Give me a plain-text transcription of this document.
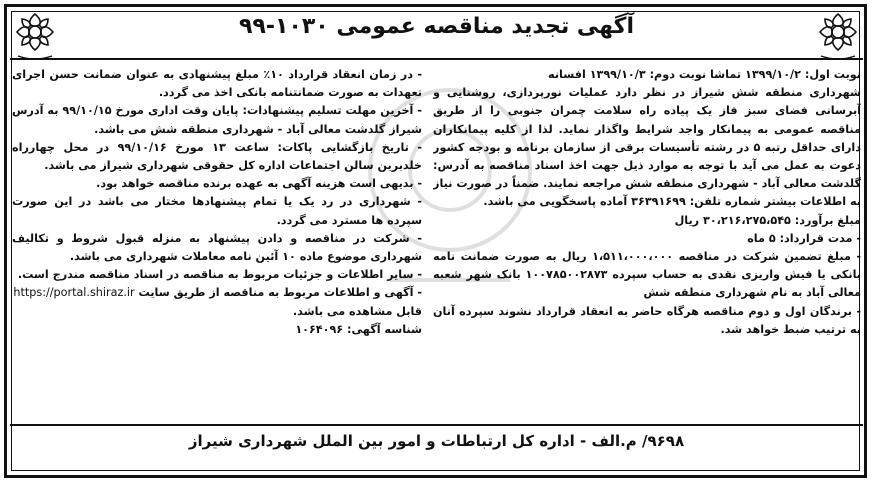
آگهی تجدید مناقصه عمومی ۱۰۳۰-۹۹

نوبت اول: ۱۳۹۹/۱۰/۲ تماشا نوبت دوم: ۱۳۹۹/۱۰/۳ افسانه

شهرداری منطقه شش شیراز در نظر دارد عملیات نورپردازی، روشنایی و آبرسانی فضای سبز فاز یک پیاده راه سلامت چمران جنوبی را از طریق مناقصه عمومی به پیمانکار واجد شرایط واگذار نماید. لذا از کلیه پیمانکاران دارای حداقل رتبه ۵ در رشته تأسیسات برقی از سازمان برنامه و بودجه کشور دعوت به عمل می آید با توجه به موارد ذیل جهت اخذ اسناد مناقصه به آدرس: گلدشت معالی آباد - شهرداری منطقه شش مراجعه نمایند. ضمناً در صورت نیاز به اطلاعات بیشتر شماره تلفن: ۳۶۳۹۱۶۹۹ آماده پاسخگویی می باشد.

مبلغ برآورد: ۳۰،۲۱۶،۲۷۵،۵۴۵ ریال

- مدت قرارداد: ۵ ماه

- مبلغ تضمین شرکت در مناقصه ۱،۵۱۱،۰۰۰،۰۰۰ ریال به صورت ضمانت نامه بانکی یا فیش واریزی نقدی به حساب سپرده ۱۰۰۷۸۵۰۰۲۸۷۳ بانک شهر شعبه معالی آباد به نام شهرداری منطقه شش

- برندگان اول و دوم مناقصه هرگاه حاضر به انعقاد قرارداد نشوند سپرده آنان به ترتیب ضبط خواهد شد.

- در زمان انعقاد قرارداد ۱۰٪ مبلغ پیشنهادی به عنوان ضمانت حسن اجرای تعهدات به صورت ضمانتنامه بانکی اخذ می گردد.

- آخرین مهلت تسلیم پیشنهادات: پایان وقت اداری مورخ ۹۹/۱۰/۱۵ به آدرس شیراز گلدشت معالی آباد - شهرداری منطقه شش می باشد.

- تاریخ بازگشایی پاکات: ساعت ۱۳ مورخ ۹۹/۱۰/۱۶ در محل چهارراه خلدبرین سالن اجتماعات اداره کل حقوقی شهرداری شیراز می باشد.

- بدیهی است هزینه آگهی به عهده برنده مناقصه خواهد بود.

- شهرداری در رد یک یا تمام پیشنهادها مختار می باشد در این صورت سپرده ها مسترد می گردد.

- شرکت در مناقصه و دادن پیشنهاد به منزله قبول شروط و تکالیف شهرداری موضوع ماده ۱۰ آئین نامه معاملات شهرداری می باشد.

- سایر اطلاعات و جزئیات مربوط به مناقصه در اسناد مناقصه مندرج است.

- آگهی و اطلاعات مربوط به مناقصه از طریق سایت https://portal.shiraz.ir

قابل مشاهده می باشد.

شناسه آگهی: ۱۰۶۴۰۹۶

۹۶۹۸/ م.الف - اداره کل ارتباطات و امور بین الملل شهرداری شیراز
